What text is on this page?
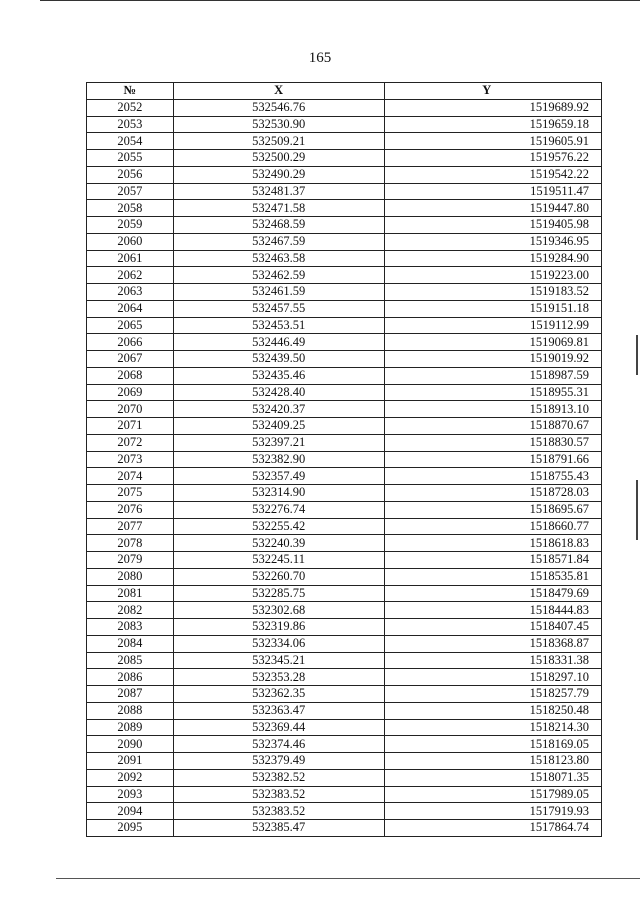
165
№	X	Y
2052	532546.76	1519689.92
2053	532530.90	1519659.18
2054	532509.21	1519605.91
2055	532500.29	1519576.22
2056	532490.29	1519542.22
2057	532481.37	1519511.47
2058	532471.58	1519447.80
2059	532468.59	1519405.98
2060	532467.59	1519346.95
2061	532463.58	1519284.90
2062	532462.59	1519223.00
2063	532461.59	1519183.52
2064	532457.55	1519151.18
2065	532453.51	1519112.99
2066	532446.49	1519069.81
2067	532439.50	1519019.92
2068	532435.46	1518987.59
2069	532428.40	1518955.31
2070	532420.37	1518913.10
2071	532409.25	1518870.67
2072	532397.21	1518830.57
2073	532382.90	1518791.66
2074	532357.49	1518755.43
2075	532314.90	1518728.03
2076	532276.74	1518695.67
2077	532255.42	1518660.77
2078	532240.39	1518618.83
2079	532245.11	1518571.84
2080	532260.70	1518535.81
2081	532285.75	1518479.69
2082	532302.68	1518444.83
2083	532319.86	1518407.45
2084	532334.06	1518368.87
2085	532345.21	1518331.38
2086	532353.28	1518297.10
2087	532362.35	1518257.79
2088	532363.47	1518250.48
2089	532369.44	1518214.30
2090	532374.46	1518169.05
2091	532379.49	1518123.80
2092	532382.52	1518071.35
2093	532383.52	1517989.05
2094	532383.52	1517919.93
2095	532385.47	1517864.74
